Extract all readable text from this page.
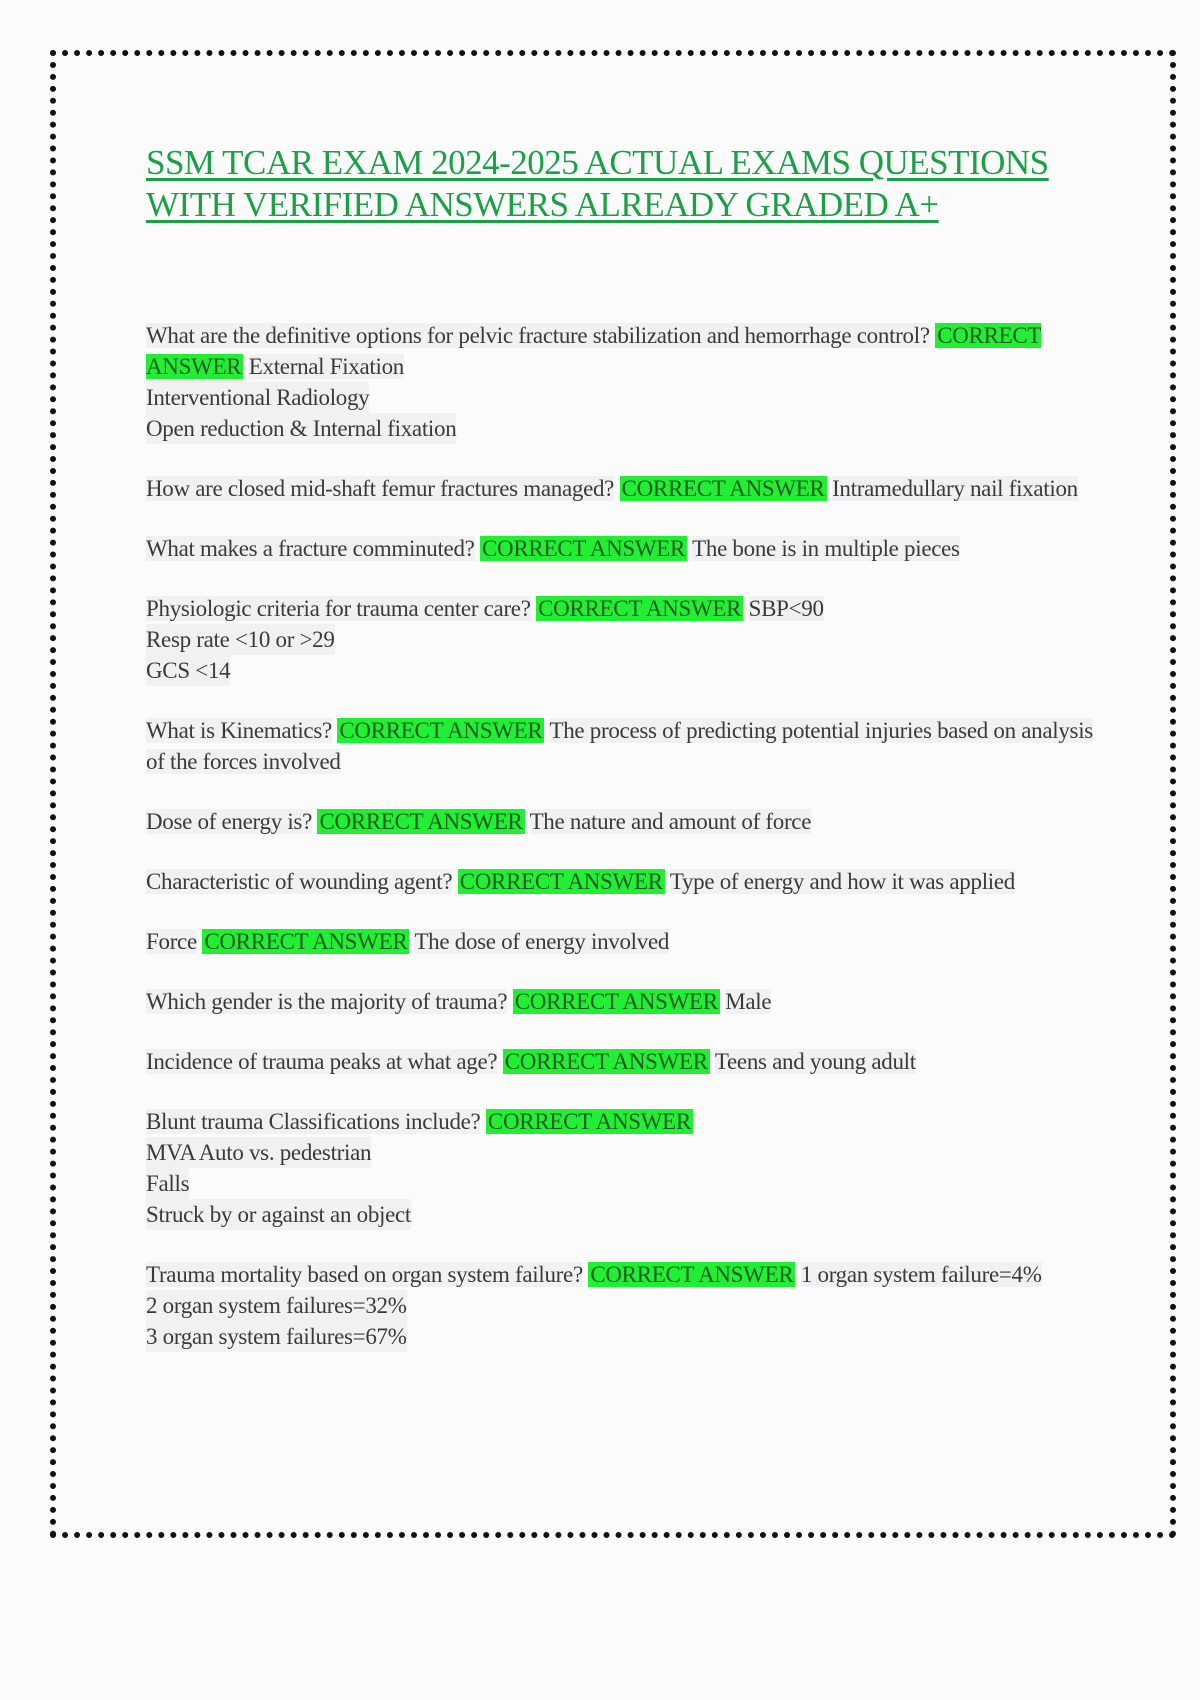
SSM TCAR EXAM 2024-2025 ACTUAL EXAMS QUESTIONS WITH VERIFIED ANSWERS ALREADY GRADED A+
What are the definitive options for pelvic fracture stabilization and hemorrhage control? CORRECT ANSWER External Fixation
Interventional Radiology
Open reduction & Internal fixation
How are closed mid-shaft femur fractures managed? CORRECT ANSWER Intramedullary nail fixation
What makes a fracture comminuted? CORRECT ANSWER The bone is in multiple pieces
Physiologic criteria for trauma center care? CORRECT ANSWER SBP<90
Resp rate <10 or >29
GCS <14
What is Kinematics? CORRECT ANSWER The process of predicting potential injuries based on analysis of the forces involved
Dose of energy is? CORRECT ANSWER The nature and amount of force
Characteristic of wounding agent? CORRECT ANSWER Type of energy and how it was applied
Force CORRECT ANSWER The dose of energy involved
Which gender is the majority of trauma? CORRECT ANSWER Male
Incidence of trauma peaks at what age? CORRECT ANSWER Teens and young adult
Blunt trauma Classifications include? CORRECT ANSWER
MVA Auto vs. pedestrian
Falls
Struck by or against an object
Trauma mortality based on organ system failure? CORRECT ANSWER 1 organ system failure=4%
2 organ system failures=32%
3 organ system failures=67%
